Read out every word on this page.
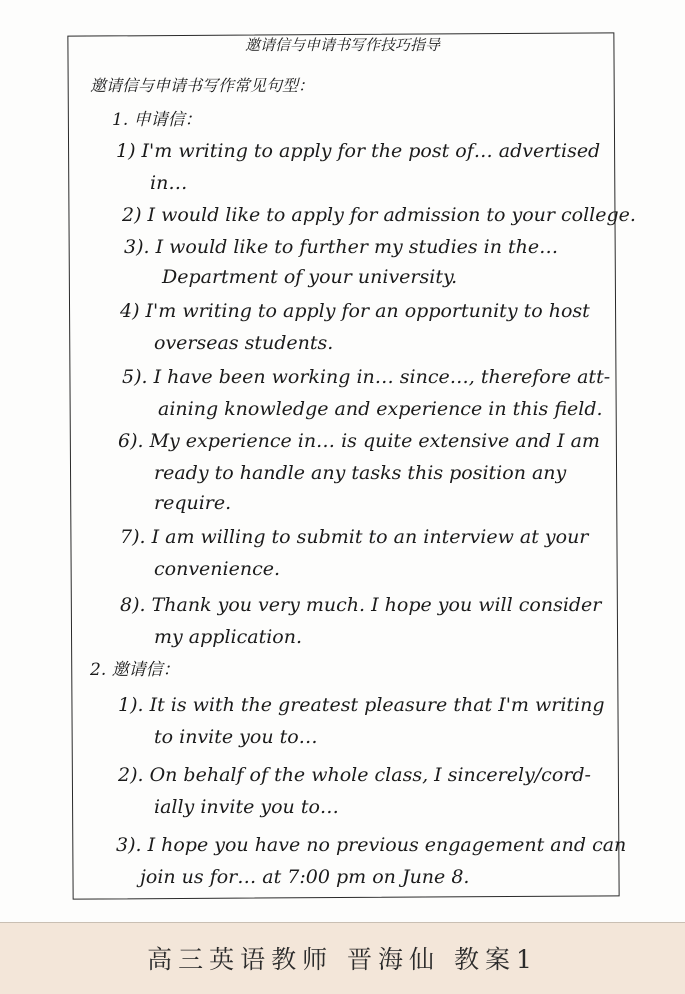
邀请信与申请书写作技巧指导
邀请信与申请书写作常见句型：
1. 申请信：
1) I'm writing to apply for the post of… advertised
in…
2) I would like to apply for admission to your college.
3). I would like to further my studies in the…
Department of your university.
4) I'm writing to apply for an opportunity to host
overseas students.
5). I have been working in… since…, therefore att-
aining knowledge and experience in this field.
6). My experience in… is quite extensive and I am
ready to handle any tasks this position any
require.
7). I am willing to submit to an interview at your
convenience.
8). Thank you very much. I hope you will consider
my application.
2. 邀请信：
1). It is with the greatest pleasure that I'm writing
to invite you to…
2). On behalf of the whole class, I sincerely/cord-
ially invite you to…
3). I hope you have no previous engagement and can
join us for… at 7:00 pm on June 8.
高三英语教师 晋海仙 教案1
